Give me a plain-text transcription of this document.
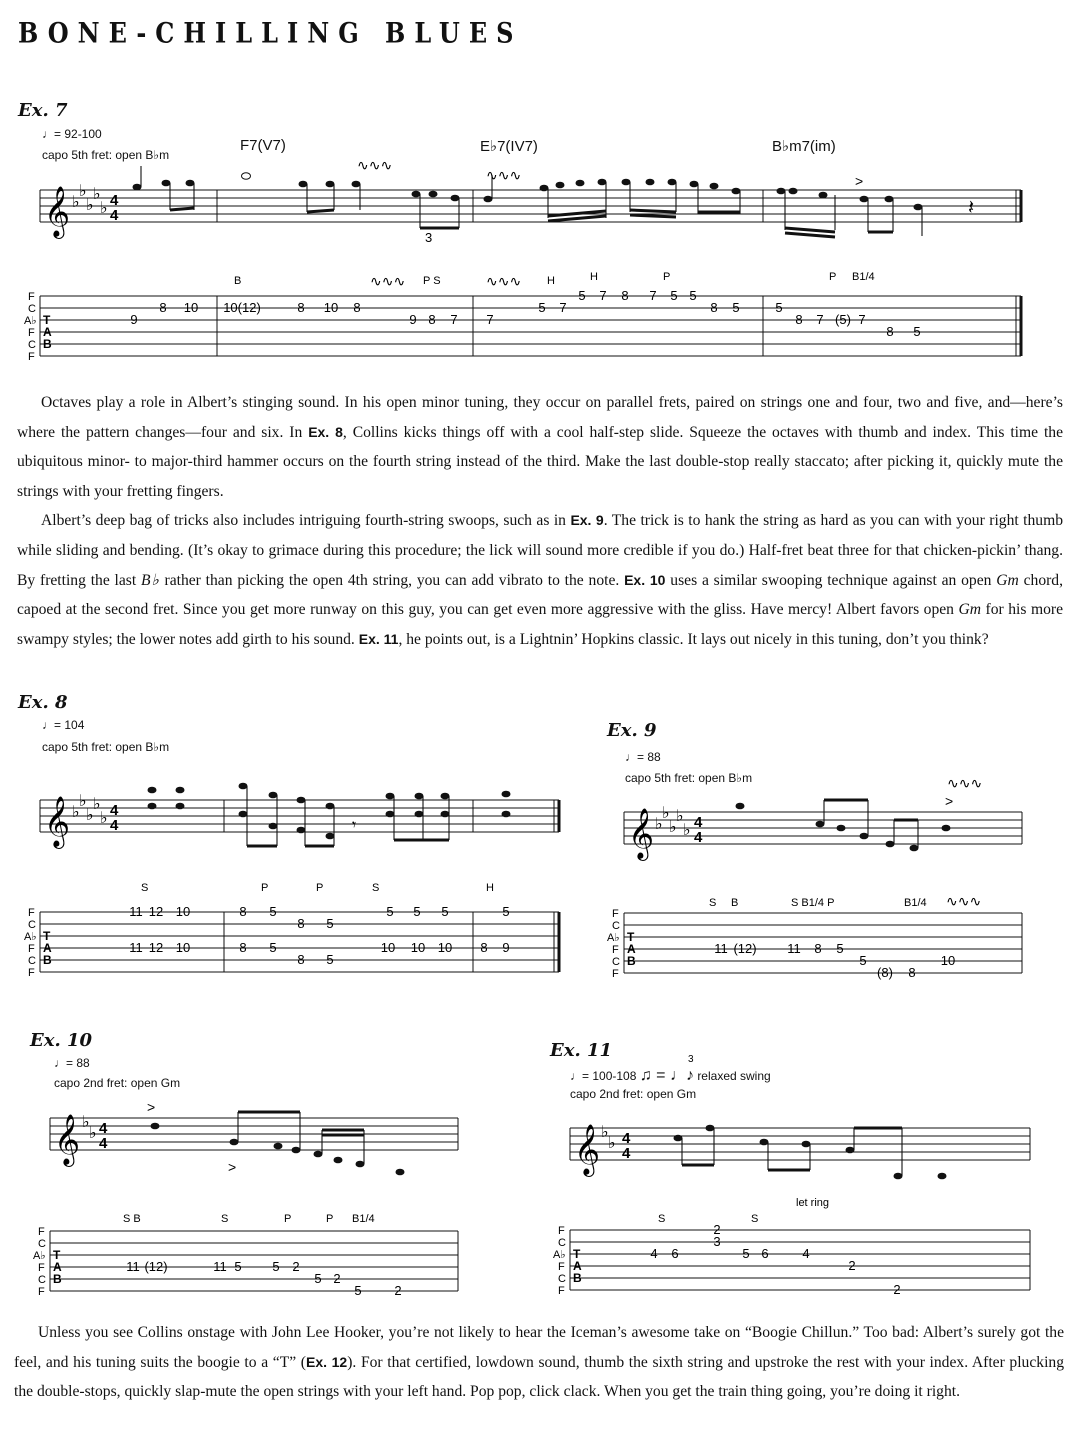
BONE-CHILLING BLUES
Ex. 7
♩= 92-100
capo 5th fret: open B♭m
F7(V7)	E♭7(IV7)	B♭m7(im)
𝄞 ♭
♭
♭
♭
♭ 4
4
3
𝄽
∿∿∿
∿∿∿	>
F
C
A♭
F
C
F
T
A
B
9
8 10 10(12)	8 10 8
9 8 7 7
5 7
5 7 8 7 5 5
8 5	5
8 7 (5) 7
8 5
B	P S	H	H	P	P B1/4
∿∿∿	∿∿∿

Octaves play a role in Albert’s stinging sound. In his open minor tuning, they occur on parallel frets, paired on strings one and four, two and five, and—here’s where the pattern changes—four and six. In Ex. 8, Collins kicks things off with a cool half-step slide. Squeeze the octaves with thumb and index. This time the ubiquitous minor- to major-third hammer occurs on the fourth string instead of the third. Make the last double-stop really staccato; after picking it, quickly mute the strings with your fretting fingers.

Albert’s deep bag of tricks also includes intriguing fourth-string swoops, such as in Ex. 9. The trick is to hank the string as hard as you can with your right thumb while sliding and bending. (It’s okay to grimace during this procedure; the lick will sound more credible if you do.) Half-fret beat three for that chicken-pickin’ thang. By fretting the last B♭ rather than picking the open 4th string, you can add vibrato to the note. Ex. 10 uses a similar swooping technique against an open Gm chord, capoed at the second fret. Since you get more runway on this guy, you can get even more aggressive with the gliss. Have mercy! Albert favors open Gm for his more swampy styles; the lower notes add girth to his sound. Ex. 11, he points out, is a Lightnin’ Hopkins classic. It lays out nicely in this tuning, don’t you think?

Ex. 8
♩= 104
capo 5th fret: open B♭m
𝄞 ♭
♭
♭
♭
♭ 4
4	𝄾
F
C
A♭
F
C
F
T
A
B
11 12 10	8 5
8 5
5 5 5	5
11 12 10	8 5
8 5
10 10 10 8 9
S	P	P	S	H
Ex. 9
♩= 88
capo 5th fret: open B♭m
𝄞 ♭
♭
♭
♭
♭ 4
4
>
∿∿∿
F
C
A♭
F
C
F
T
A
B
11 (12) 11 8 5
5
(8) 8
10
S B	S B1/4 P	B1/4 ∿∿∿
Ex. 10
♩= 88
capo 2nd fret: open Gm
𝄞 ♭
♭ 4
4
>
>
F
C
A♭
F
C
F
T
A
B
11 (12)	11 5 5 2
5 2
5	2
S B	S	P	P B1/4
Ex. 11
♩= 100-108 ♫ = ♩♪ relaxed swing
capo 2nd fret: open Gm
3
𝄞 ♭
♭ 4
4
let ring
F
C
A♭
F
C
F
T
A
B
4 6
2
3
5 6	4
2
2
S	S

Unless you see Collins onstage with John Lee Hooker, you’re not likely to hear the Iceman’s awesome take on “Boogie Chillun.” Too bad: Albert’s surely got the feel, and his tuning suits the boogie to a “T” (Ex. 12). For that certified, lowdown sound, thumb the sixth string and upstroke the rest with your index. After plucking the double-stops, quickly slap-mute the open strings with your left hand. Pop pop, click clack. When you get the train thing going, you’re doing it right.
